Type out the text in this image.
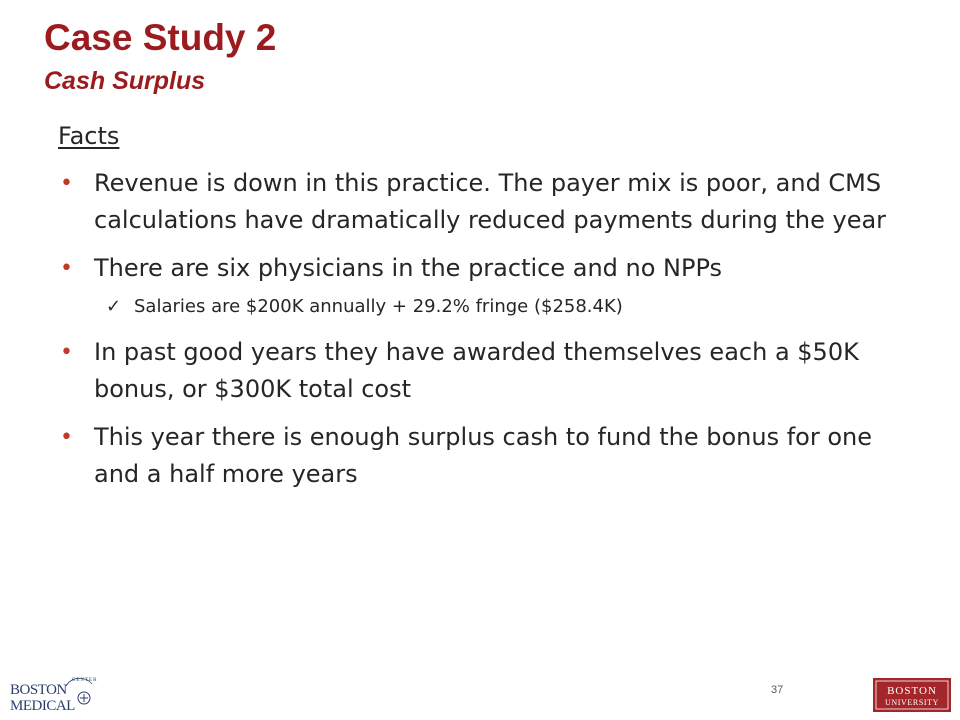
Case Study 2
Cash Surplus

Facts

• Revenue is down in this practice. The payer mix is poor, and CMS calculations have dramatically reduced payments during the year
• There are six physicians in the practice and no NPPs
✓ Salaries are $200K annually + 29.2% fringe ($258.4K)
• In past good years they have awarded themselves each a $50K bonus, or $300K total cost
• This year there is enough surplus cash to fund the bonus for one and a half more years
CENTER
BOSTON
MEDICAL
37	BOSTON
UNIVERSITY
